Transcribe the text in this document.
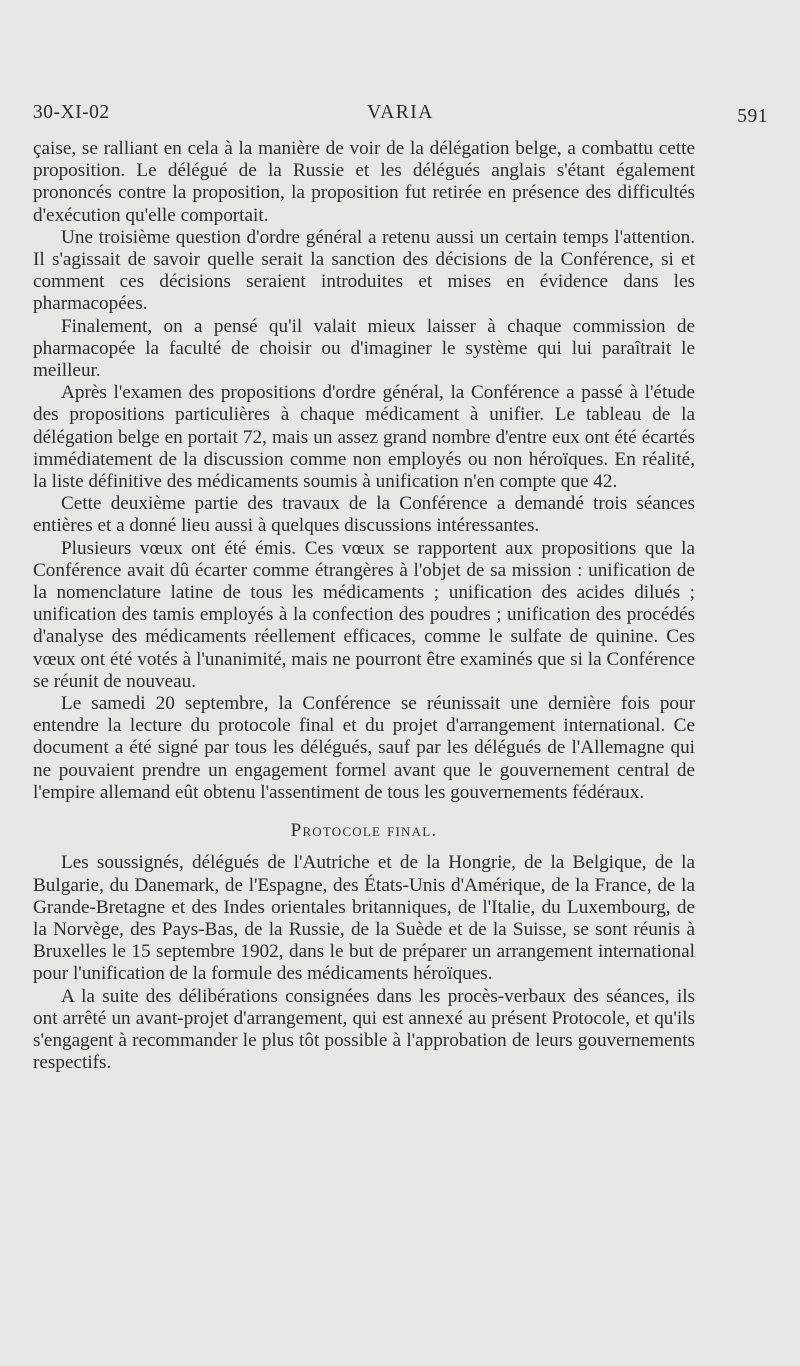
30-XI-02	VARIA	591

çaise, se ralliant en cela à la manière de voir de la délégation belge, a combattu cette proposition. Le délégué de la Russie et les délégués anglais s'étant également prononcés contre la proposition, la proposition fut retirée en présence des difficultés d'exécution qu'elle comportait.

Une troisième question d'ordre général a retenu aussi un certain temps l'attention. Il s'agissait de savoir quelle serait la sanction des décisions de la Conférence, si et comment ces décisions seraient introduites et mises en évidence dans les pharmacopées.

Finalement, on a pensé qu'il valait mieux laisser à chaque commission de pharmacopée la faculté de choisir ou d'imaginer le système qui lui paraîtrait le meilleur.

Après l'examen des propositions d'ordre général, la Conférence a passé à l'étude des propositions particulières à chaque médicament à unifier. Le tableau de la délégation belge en portait 72, mais un assez grand nombre d'entre eux ont été écartés immédiatement de la discussion comme non employés ou non héroïques. En réalité, la liste définitive des médicaments soumis à unification n'en compte que 42.

Cette deuxième partie des travaux de la Conférence a demandé trois séances entières et a donné lieu aussi à quelques discussions intéressantes.

Plusieurs vœux ont été émis. Ces vœux se rapportent aux propositions que la Conférence avait dû écarter comme étrangères à l'objet de sa mission : unification de la nomenclature latine de tous les médicaments ; unification des acides dilués ; unification des tamis employés à la confection des poudres ; unification des procédés d'analyse des médicaments réellement efficaces, comme le sulfate de quinine. Ces vœux ont été votés à l'unanimité, mais ne pourront être examinés que si la Conférence se réunit de nouveau.

Le samedi 20 septembre, la Conférence se réunissait une dernière fois pour entendre la lecture du protocole final et du projet d'arrangement international. Ce document a été signé par tous les délégués, sauf par les délégués de l'Allemagne qui ne pouvaient prendre un engagement formel avant que le gouvernement central de l'empire allemand eût obtenu l'assentiment de tous les gouvernements fédéraux.

Protocole final.

Les soussignés, délégués de l'Autriche et de la Hongrie, de la Belgique, de la Bulgarie, du Danemark, de l'Espagne, des États-Unis d'Amérique, de la France, de la Grande-Bretagne et des Indes orientales britanniques, de l'Italie, du Luxembourg, de la Norvège, des Pays-Bas, de la Russie, de la Suède et de la Suisse, se sont réunis à Bruxelles le 15 septembre 1902, dans le but de préparer un arrangement international pour l'unification de la formule des médicaments héroïques.

A la suite des délibérations consignées dans les procès-verbaux des séances, ils ont arrêté un avant-projet d'arrangement, qui est annexé au présent Protocole, et qu'ils s'engagent à recommander le plus tôt possible à l'approbation de leurs gouvernements respectifs.
